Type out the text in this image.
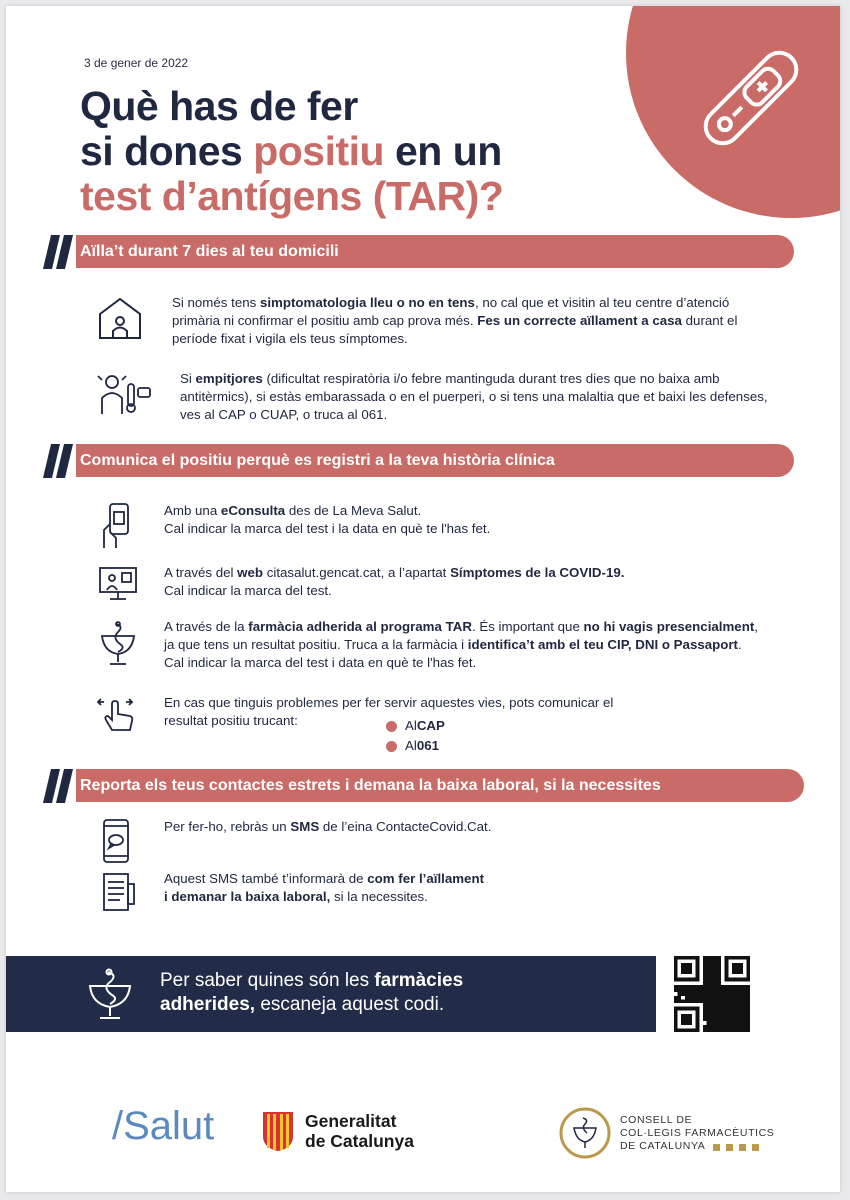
3 de gener de 2022
Què has de fer
si dones positiu en un
test d’antígens (TAR)?
Aïlla’t durant 7 dies al teu domicili

Si només tens simptomatologia lleu o no en tens, no cal que et visitin al teu centre d’atenció primària ni confirmar el positiu amb cap prova més. Fes un correcte aïllament a casa durant el període fixat i vigila els teus símptomes.

Si empitjores (dificultat respiratòria i/o febre mantinguda durant tres dies que no baixa amb antitèrmics), si estàs embarassada o en el puerperi, o si tens una malaltia que et baixi les defenses, ves al CAP o CUAP, o truca al 061.

Comunica el positiu perquè es registri a la teva història clínica

Amb una eConsulta des de La Meva Salut.
Cal indicar la marca del test i la data en què te l'has fet.

A través del web citasalut.gencat.cat, a l’apartat Símptomes de la COVID-19.
Cal indicar la marca del test.

A través de la farmàcia adherida al programa TAR. És important que no hi vagis presencialment, ja que tens un resultat positiu. Truca a la farmàcia i identifica’t amb el teu CIP, DNI o Passaport. Cal indicar la marca del test i data en què te l'has fet.

En cas que tinguis problemes per fer servir aquestes vies, pots comunicar el
resultat positiu trucant:	Al CAP
Al 061
Reporta els teus contactes estrets i demana la baixa laboral, si la necessites

Per fer-ho, rebràs un SMS de l’eina ContacteCovid.Cat.

Aquest SMS també t’informarà de com fer l’aïllament
i demanar la baixa laboral, si la necessites.

Per saber quines són les farmàcies
adherides, escaneja aquest codi.

/Salut	Generalitat
de Catalunya
CONSELL DE
COL·LEGIS FARMACÈUTICS
DE CATALUNYA
